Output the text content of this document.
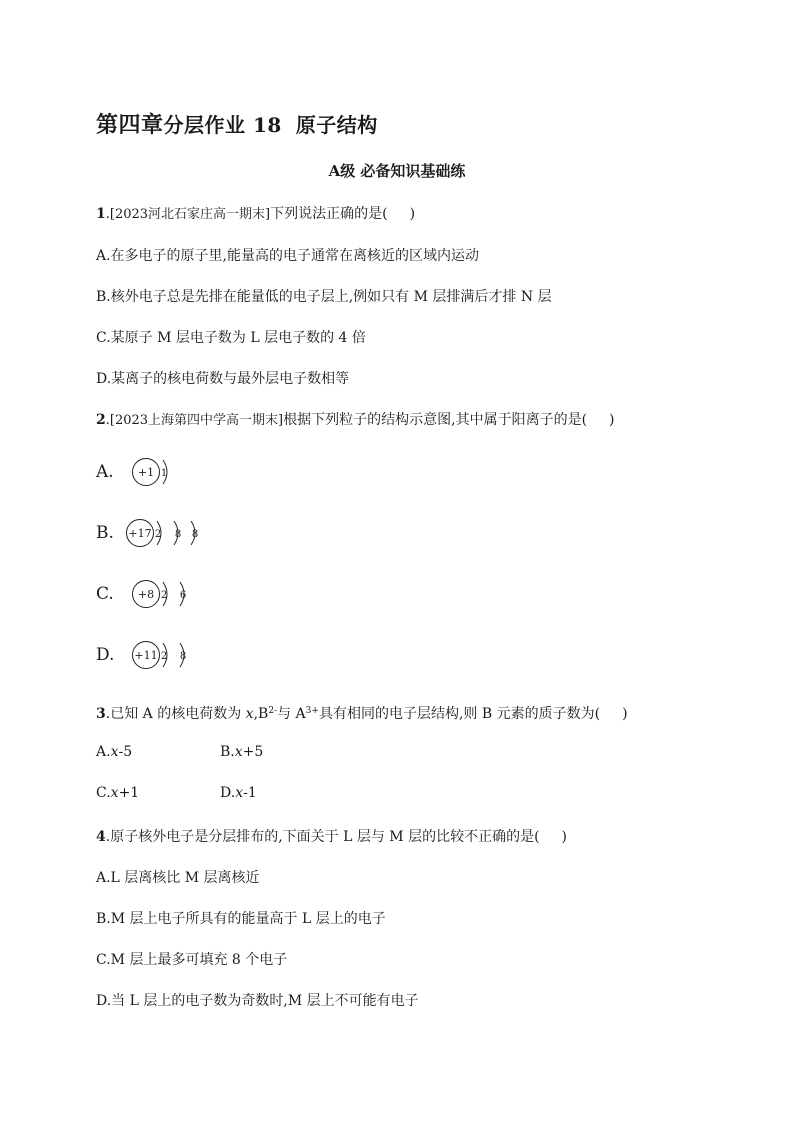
第四章分层作业 18 原子结构
A级 必备知识基础练
1.[2023河北石家庄高一期末]下列说法正确的是( )
A.在多电子的原子里,能量高的电子通常在离核近的区域内运动
B.核外电子总是先排在能量低的电子层上,例如只有 M 层排满后才排 N 层
C.某原子 M 层电子数为 L 层电子数的 4 倍
D.某离子的核电荷数与最外层电子数相等
2.[2023上海第四中学高一期末]根据下列粒子的结构示意图,其中属于阳离子的是( )
A. +1 1
B. +17 2 8 8
C. +8 2 6
D. +11 2 8
3.已知 A 的核电荷数为 $x,B^{2-}$与 $A^{3+}$具有相同的电子层结构,则 B 元素的质子数为( )
A.x-5	B.x+5
C.x+1	D.x-1
4.原子核外电子是分层排布的,下面关于 L 层与 M 层的比较不正确的是( )
A.L 层离核比 M 层离核近
B.M 层上电子所具有的能量高于 L 层上的电子
C.M 层上最多可填充 8 个电子
D.当 L 层上的电子数为奇数时,M 层上不可能有电子
